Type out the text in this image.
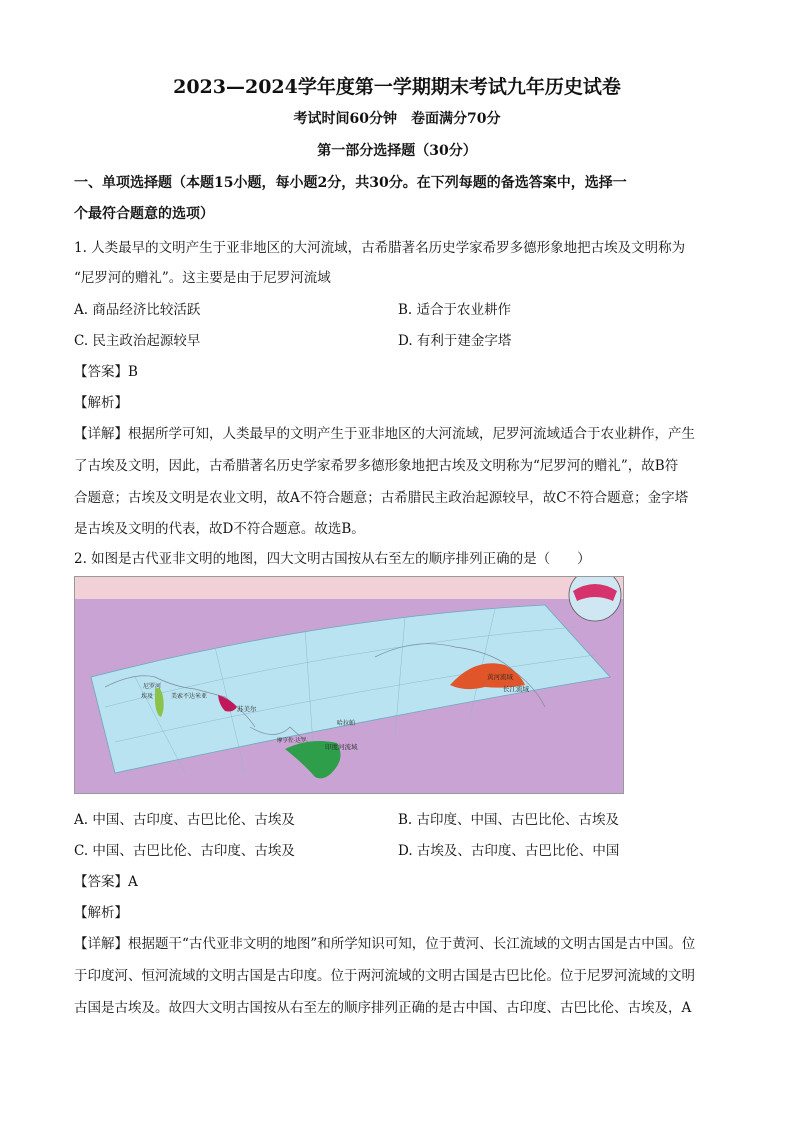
2023—2024学年度第一学期期末考试九年历史试卷
考试时间60分钟　卷面满分70分
第一部分选择题（30分）
一、单项选择题（本题15小题，每小题2分，共30分。在下列每题的备选答案中，选择一
个最符合题意的选项）
1. 人类最早的文明产生于亚非地区的大河流域，古希腊著名历史学家希罗多德形象地把古埃及文明称为
“尼罗河的赠礼”。这主要是由于尼罗河流域
A. 商品经济比较活跃	B. 适合于农业耕作
C. 民主政治起源较早	D. 有利于建金字塔
【答案】B
【解析】
【详解】根据所学可知，人类最早的文明产生于亚非地区的大河流域，尼罗河流域适合于农业耕作，产生
了古埃及文明，因此，古希腊著名历史学家希罗多德形象地把古埃及文明称为“尼罗河的赠礼”，故B符
合题意；古埃及文明是农业文明，故A不符合题意；古希腊民主政治起源较早，故C不符合题意；金字塔
是古埃及文明的代表，故D不符合题意。故选B。
2. 如图是古代亚非文明的地图，四大文明古国按从右至左的顺序排列正确的是（　　）
尼罗河
埃及	美索不达米亚
苏美尔
哈拉帕
摩亨佐·达罗
印度河流域
黄河流域
长江流域
A. 中国、古印度、古巴比伦、古埃及	B. 古印度、中国、古巴比伦、古埃及
C. 中国、古巴比伦、古印度、古埃及	D. 古埃及、古印度、古巴比伦、中国
【答案】A
【解析】
【详解】根据题干“古代亚非文明的地图”和所学知识可知，位于黄河、长江流域的文明古国是古中国。位
于印度河、恒河流域的文明古国是古印度。位于两河流域的文明古国是古巴比伦。位于尼罗河流域的文明
古国是古埃及。故四大文明古国按从右至左的顺序排列正确的是古中国、古印度、古巴比伦、古埃及，A
